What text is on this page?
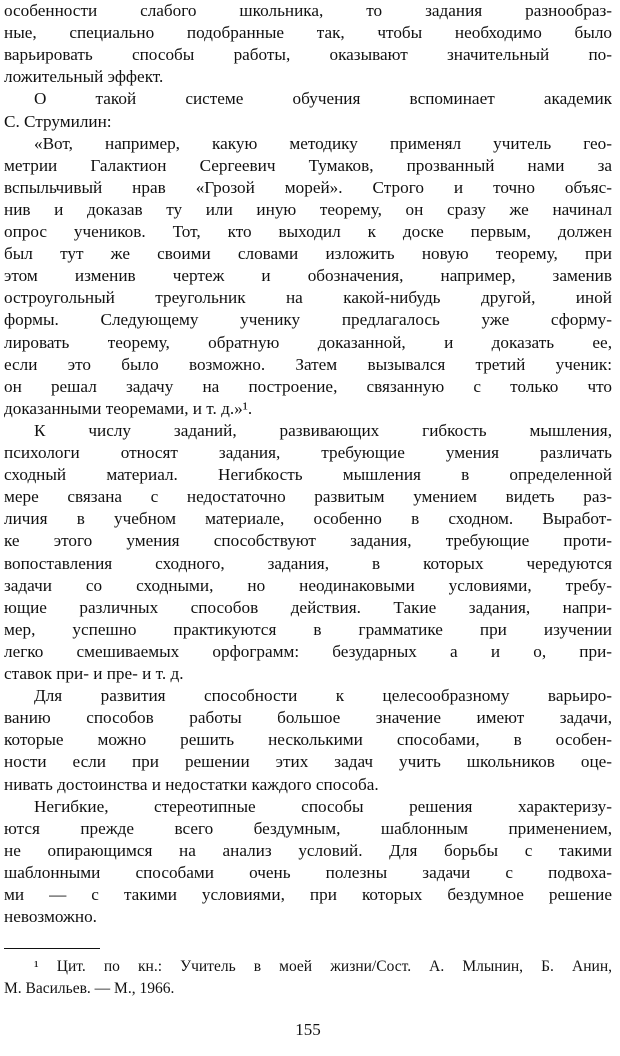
особенности слабого школьника, то задания разнообраз-
ные, специально подобранные так, чтобы необходимо было
варьировать способы работы, оказывают значительный по-
ложительный эффект.
О такой системе обучения вспоминает академик
С. Струмилин:
«Вот, например, какую методику применял учитель гео-
метрии Галактион Сергеевич Тумаков, прозванный нами за
вспыльчивый нрав «Грозой морей». Строго и точно объяс-
нив и доказав ту или иную теорему, он сразу же начинал
опрос учеников. Тот, кто выходил к доске первым, должен
был тут же своими словами изложить новую теорему, при
этом изменив чертеж и обозначения, например, заменив
остроугольный треугольник на какой-нибудь другой, иной
формы. Следующему ученику предлагалось уже сформу-
лировать теорему, обратную доказанной, и доказать ее,
если это было возможно. Затем вызывался третий ученик:
он решал задачу на построение, связанную с только что
доказанными теоремами, и т. д.»¹.
К числу заданий, развивающих гибкость мышления,
психологи относят задания, требующие умения различать
сходный материал. Негибкость мышления в определенной
мере связана с недостаточно развитым умением видеть раз-
личия в учебном материале, особенно в сходном. Выработ-
ке этого умения способствуют задания, требующие проти-
вопоставления сходного, задания, в которых чередуются
задачи со сходными, но неодинаковыми условиями, требу-
ющие различных способов действия. Такие задания, напри-
мер, успешно практикуются в грамматике при изучении
легко смешиваемых орфограмм: безударных а и о, при-
ставок при- и пре- и т. д.
Для развития способности к целесообразному варьиро-
ванию способов работы большое значение имеют задачи,
которые можно решить несколькими способами, в особен-
ности если при решении этих задач учить школьников оце-
нивать достоинства и недостатки каждого способа.
Негибкие, стереотипные способы решения характеризу-
ются прежде всего бездумным, шаблонным применением,
не опирающимся на анализ условий. Для борьбы с такими
шаблонными способами очень полезны задачи с подвоха-
ми — с такими условиями, при которых бездумное решение
невозможно.
¹ Цит. по кн.: Учитель в моей жизни/Сост. А. Млынин, Б. Анин,
М. Васильев. — М., 1966.
155
